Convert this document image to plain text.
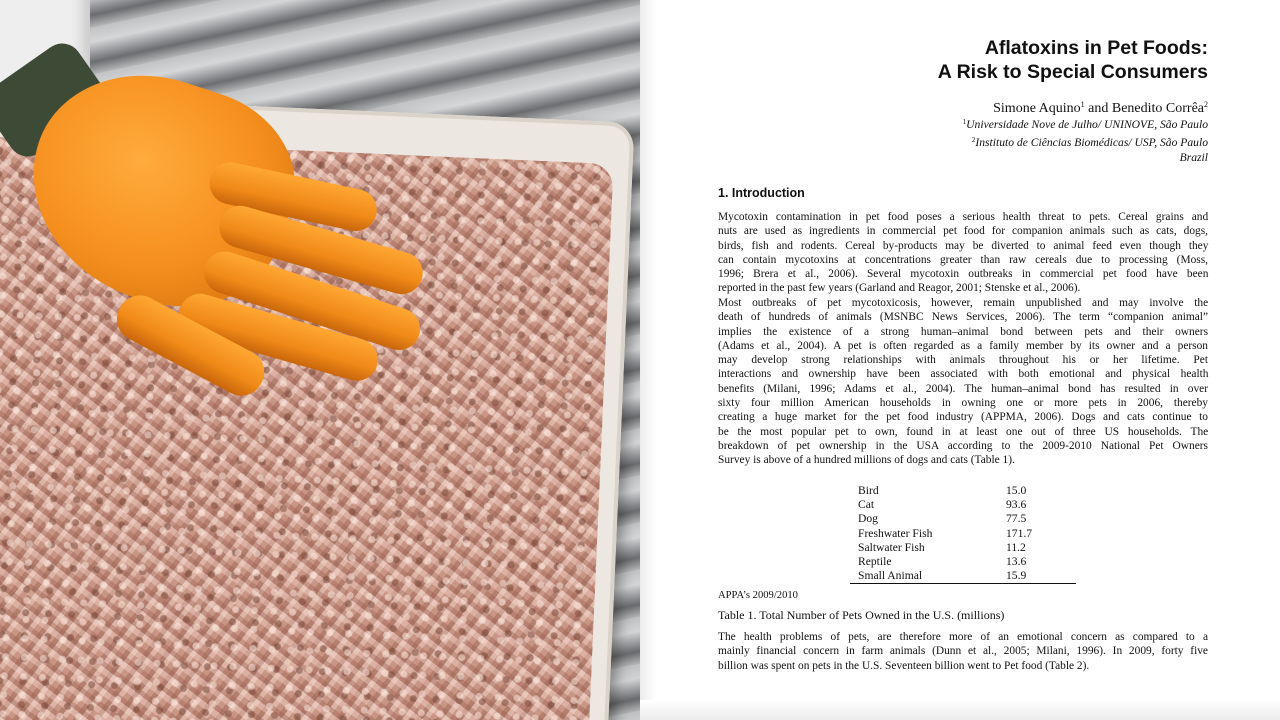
Aflatoxins in Pet Foods:
A Risk to Special Consumers
Simone Aquino$^1$ and Benedito Corrêa$^2$
$^1$Universidade Nove de Julho/ UNINOVE, São Paulo
$^2$Instituto de Ciências Biomédicas/ USP, São Paulo
Brazil
1. Introduction
Mycotoxin contamination in pet food poses a serious health threat to pets. Cereal grains and
nuts are used as ingredients in commercial pet food for companion animals such as cats, dogs,
birds, fish and rodents. Cereal by-products may be diverted to animal feed even though they
can contain mycotoxins at concentrations greater than raw cereals due to processing (Moss,
1996; Brera et al., 2006). Several mycotoxin outbreaks in commercial pet food have been
reported in the past few years (Garland and Reagor, 2001; Stenske et al., 2006).
Most outbreaks of pet mycotoxicosis, however, remain unpublished and may involve the
death of hundreds of animals (MSNBC News Services, 2006). The term “companion animal”
implies the existence of a strong human–animal bond between pets and their owners
(Adams et al., 2004). A pet is often regarded as a family member by its owner and a person
may develop strong relationships with animals throughout his or her lifetime. Pet
interactions and ownership have been associated with both emotional and physical health
benefits (Milani, 1996; Adams et al., 2004). The human–animal bond has resulted in over
sixty four million American households in owning one or more pets in 2006, thereby
creating a huge market for the pet food industry (APPMA, 2006). Dogs and cats continue to
be the most popular pet to own, found in at least one out of three US households. The
breakdown of pet ownership in the USA according to the 2009-2010 National Pet Owners
Survey is above of a hundred millions of dogs and cats (Table 1).
Bird	15.0
Cat	93.6
Dog	77.5
Freshwater Fish	171.7
Saltwater Fish	11.2
Reptile	13.6
Small Animal	15.9
APPA’s 2009/2010
Table 1. Total Number of Pets Owned in the U.S. (millions)
The health problems of pets, are therefore more of an emotional concern as compared to a
mainly financial concern in farm animals (Dunn et al., 2005; Milani, 1996). In 2009, forty five
billion was spent on pets in the U.S. Seventeen billion went to Pet food (Table 2).
